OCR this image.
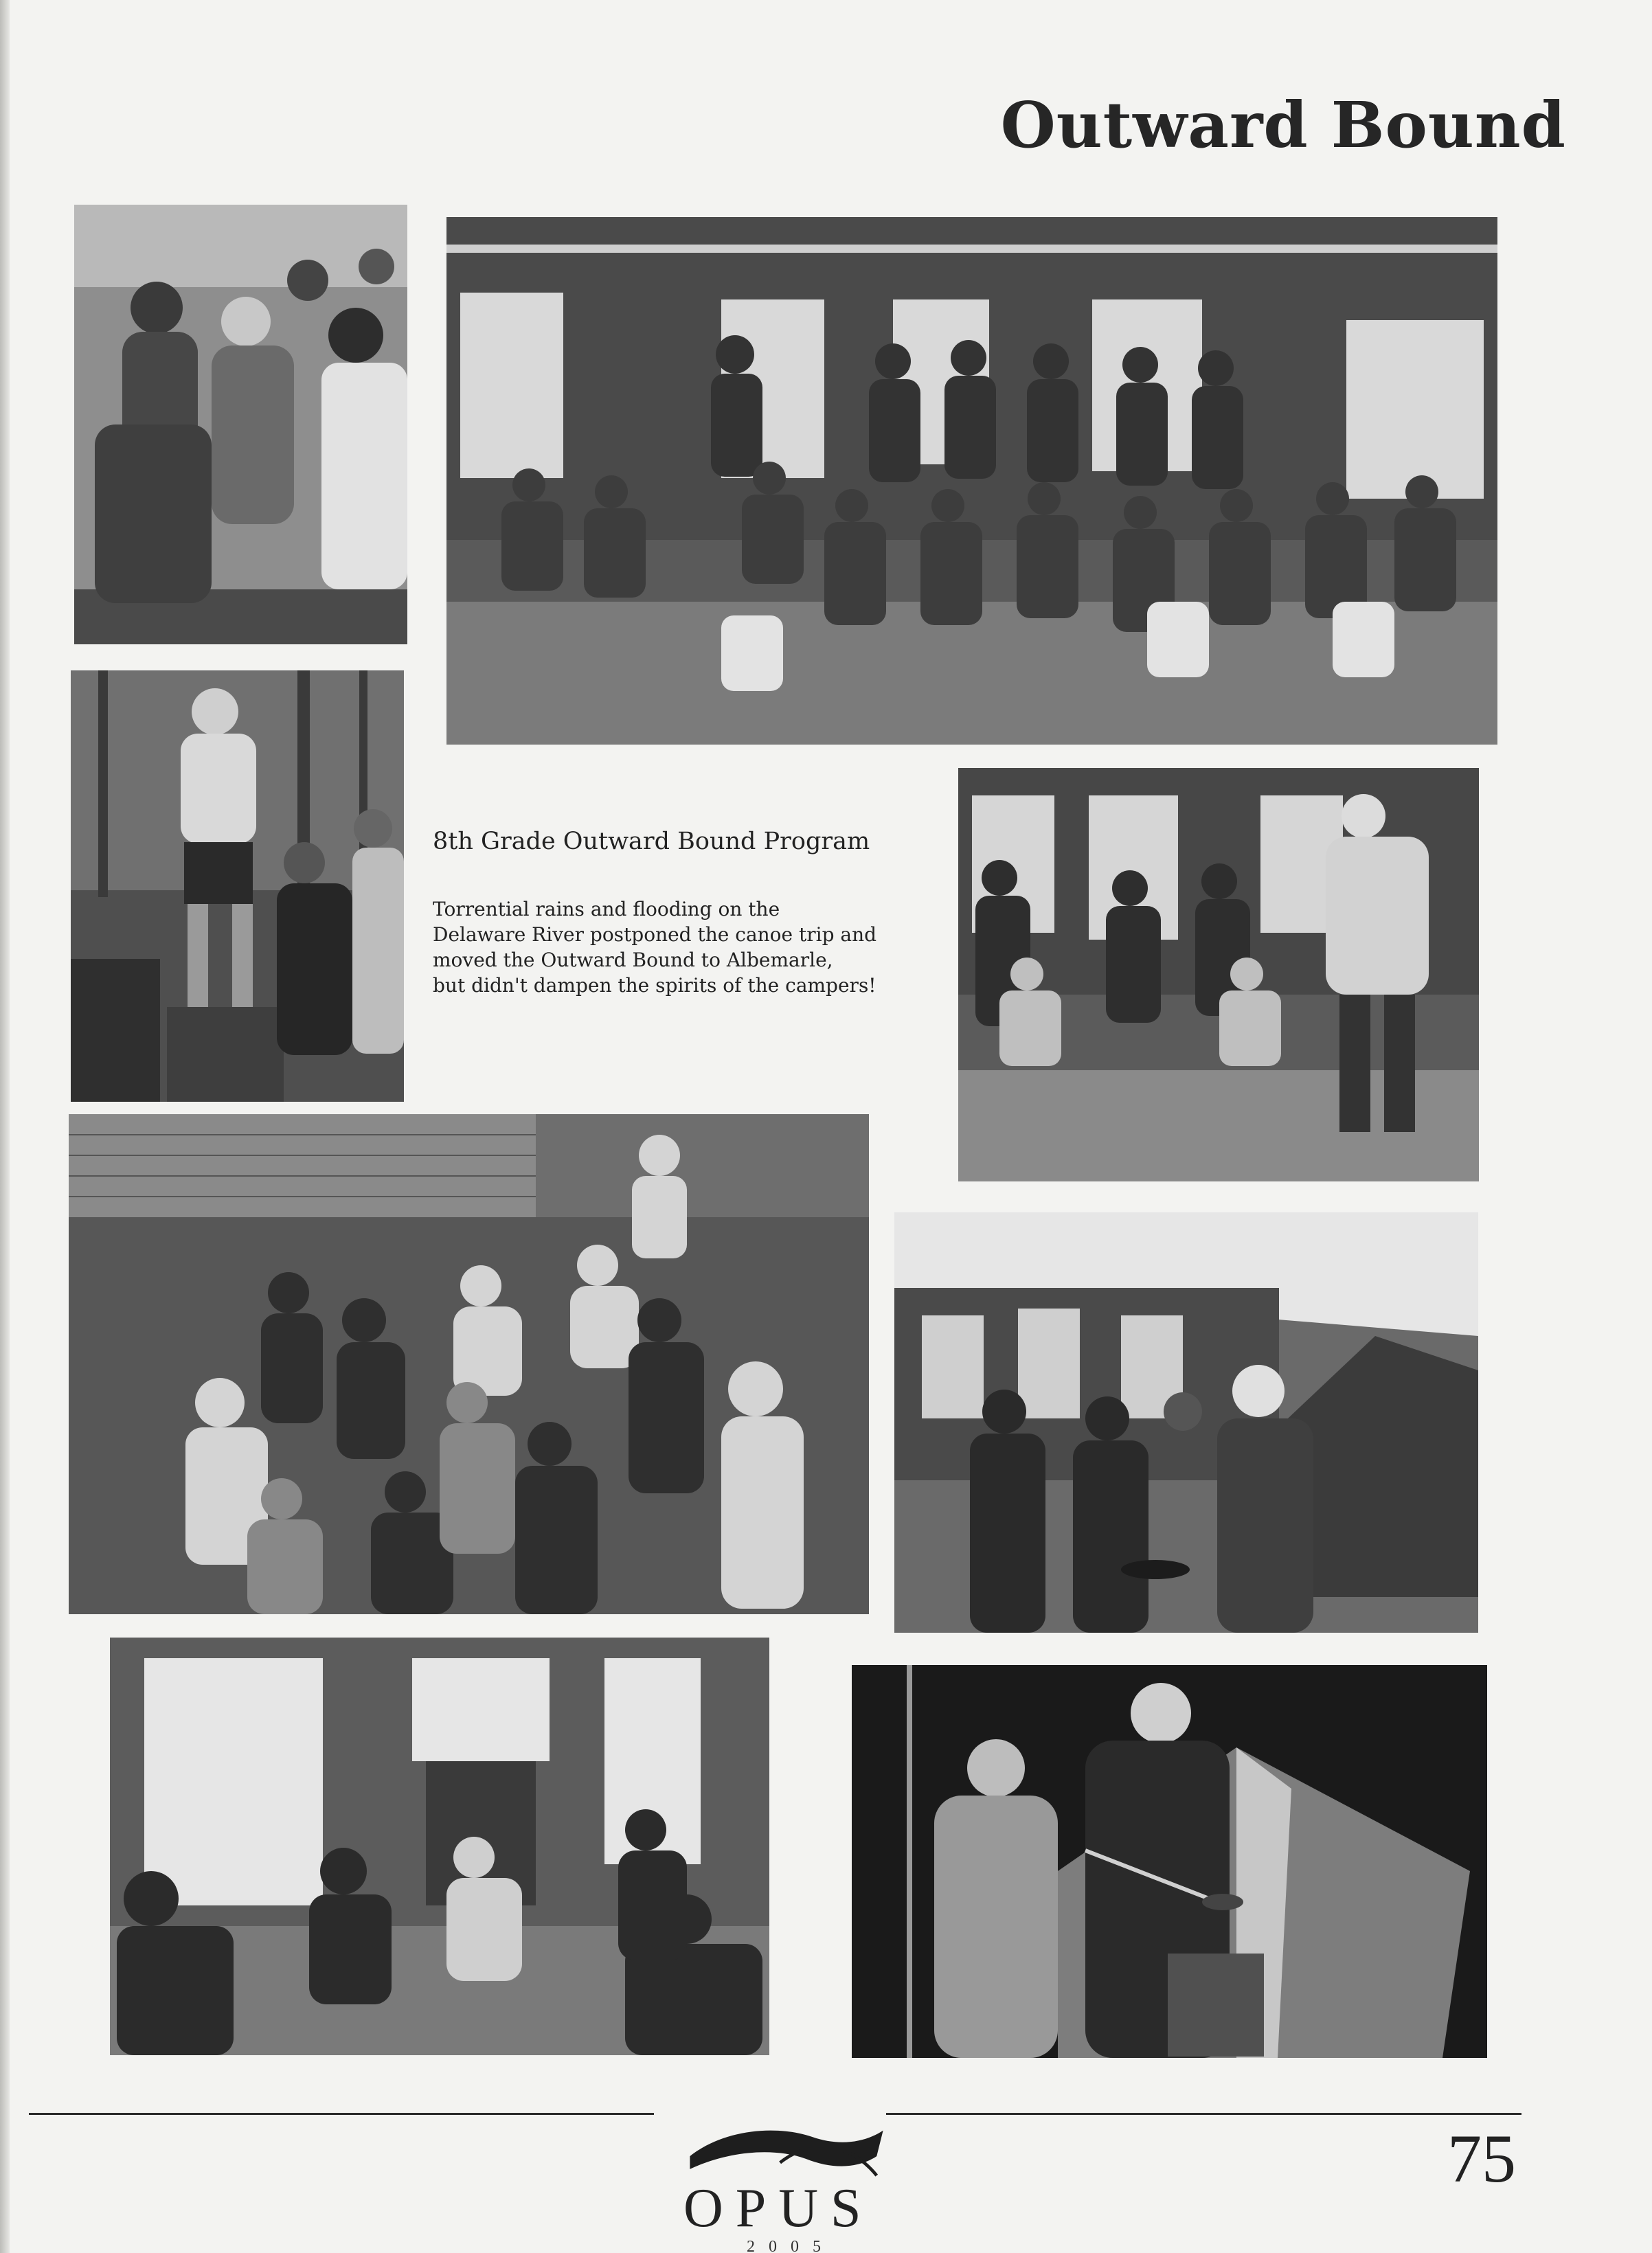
Outward Bound

8th Grade Outward Bound Program

Torrential rains and flooding on the
Delaware River postponed the canoe trip and
moved the Outward Bound to Albemarle,
but didn't dampen the spirits of the campers!

OPUS
2005
75
